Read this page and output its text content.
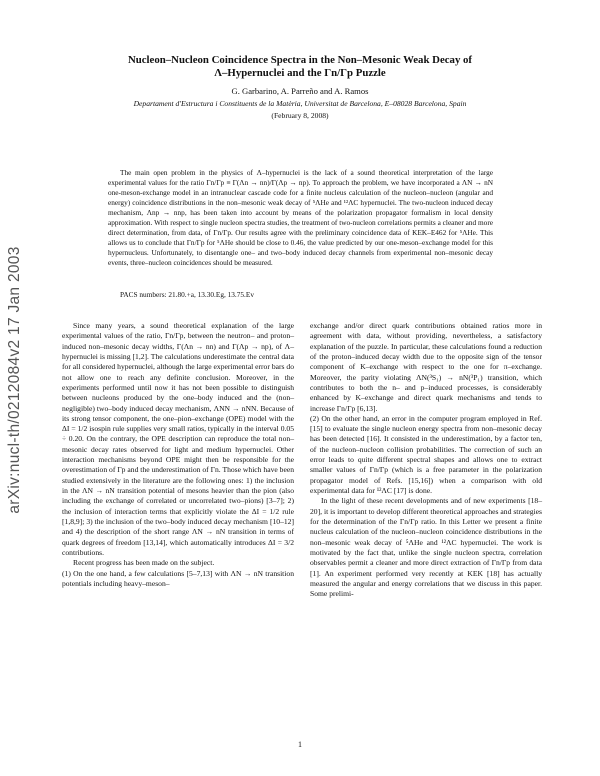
arXiv:nucl-th/0212084v2 17 Jan 2003
Nucleon–Nucleon Coincidence Spectra in the Non–Mesonic Weak Decay of
Λ–Hypernuclei and the Γn/Γp Puzzle
G. Garbarino, A. Parreño and A. Ramos
Departament d'Estructura i Constituents de la Matèria, Universitat de Barcelona, E–08028 Barcelona, Spain
(February 8, 2008)

The main open problem in the physics of Λ–hypernuclei is the lack of a sound theoretical interpretation of the large experimental values for the ratio Γn/Γp ≡ Γ(Λn → nn)/Γ(Λp → np). To approach the problem, we have incorporated a ΛN → nN one-meson-exchange model in an intranuclear cascade code for a finite nucleus calculation of the nucleon–nucleon (angular and energy) coincidence distributions in the non–mesonic weak decay of ⁵ΛHe and ¹²ΛC hypernuclei. The two-nucleon induced decay mechanism, Λnp → nnp, has been taken into account by means of the polarization propagator formalism in local density approximation. With respect to single nucleon spectra studies, the treatment of two-nucleon correlations permits a cleaner and more direct determination, from data, of Γn/Γp. Our results agree with the preliminary coincidence data of KEK–E462 for ⁵ΛHe. This allows us to conclude that Γn/Γp for ⁵ΛHe should be close to 0.46, the value predicted by our one-meson–exchange model for this hypernucleus. Unfortunately, to disentangle one– and two–body induced decay channels from experimental non–mesonic decay events, three–nucleon coincidences should be measured.

PACS numbers: 21.80.+a, 13.30.Eg, 13.75.Ev

Since many years, a sound theoretical explanation of the large experimental values of the ratio, Γn/Γp, between the neutron– and proton–induced non–mesonic decay widths, Γ(Λn → nn) and Γ(Λp → np), of Λ–hypernuclei is missing [1,2]. The calculations underestimate the central data for all considered hypernuclei, although the large experimental error bars do not allow one to reach any definite conclusion. Moreover, in the experiments performed until now it has not been possible to distinguish between nucleons produced by the one–body induced and the (non–negligible) two–body induced decay mechanism, ΛNN → nNN. Because of its strong tensor component, the one–pion–exchange (OPE) model with the ΔI = 1/2 isospin rule supplies very small ratios, typically in the interval 0.05 ÷ 0.20. On the contrary, the OPE description can reproduce the total non–mesonic decay rates observed for light and medium hypernuclei. Other interaction mechanisms beyond OPE might then be responsible for the overestimation of Γp and the underestimation of Γn. Those which have been studied extensively in the literature are the following ones: 1) the inclusion in the ΛN → nN transition potential of mesons heavier than the pion (also including the exchange of correlated or uncorrelated two–pions) [3–7]; 2) the inclusion of interaction terms that explicitly violate the ΔI = 1/2 rule [1,8,9]; 3) the inclusion of the two–body induced decay mechanism [10–12] and 4) the description of the short range ΛN → nN transition in terms of quark degrees of freedom [13,14], which automatically introduces ΔI = 3/2 contributions.

Recent progress has been made on the subject.

(1) On the one hand, a few calculations [5–7,13] with ΛN → nN transition potentials including heavy–meson–

exchange and/or direct quark contributions obtained ratios more in agreement with data, without providing, nevertheless, a satisfactory explanation of the puzzle. In particular, these calculations found a reduction of the proton–induced decay width due to the opposite sign of the tensor component of K–exchange with respect to the one for π–exchange. Moreover, the parity violating ΛN(³S₁) → nN(³P₁) transition, which contributes to both the n– and p–induced processes, is considerably enhanced by K–exchange and direct quark mechanisms and tends to increase Γn/Γp [6,13].

(2) On the other hand, an error in the computer program employed in Ref. [15] to evaluate the single nucleon energy spectra from non–mesonic decay has been detected [16]. It consisted in the underestimation, by a factor ten, of the nucleon–nucleon collision probabilities. The correction of such an error leads to quite different spectral shapes and allows one to extract smaller values of Γn/Γp (which is a free parameter in the polarization propagator model of Refs. [15,16]) when a comparison with old experimental data for ¹²ΛC [17] is done.

In the light of these recent developments and of new experiments [18–20], it is important to develop different theoretical approaches and strategies for the determination of the Γn/Γp ratio. In this Letter we present a finite nucleus calculation of the nucleon–nucleon coincidence distributions in the non–mesonic weak decay of ⁵ΛHe and ¹²ΛC hypernuclei. The work is motivated by the fact that, unlike the single nucleon spectra, correlation observables permit a cleaner and more direct extraction of Γn/Γp from data [1]. An experiment performed very recently at KEK [18] has actually measured the angular and energy correlations that we discuss in this paper. Some prelimi-

1
